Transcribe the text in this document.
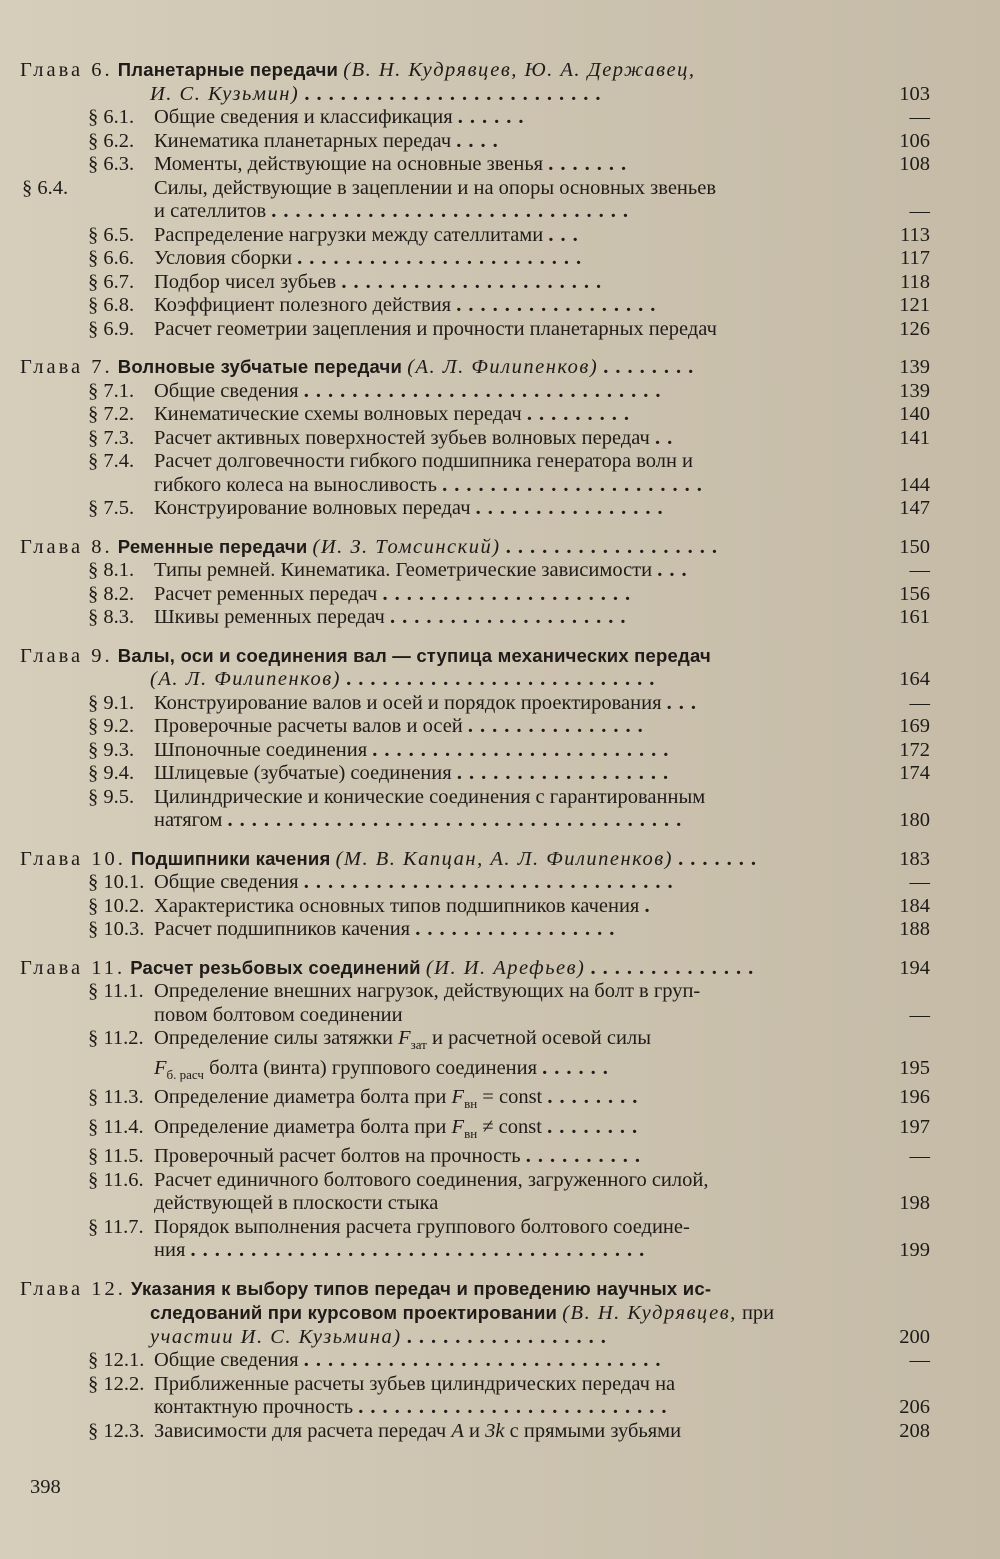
Глава 6. Планетарные передачи (В. Н. Кудрявцев, Ю. А. Державец,
И. С. Кузьмин) .........................	103
§ 6.1. Общие сведения и классификация ......	—
§ 6.2. Кинематика планетарных передач ....	106
§ 6.3. Моменты, действующие на основные звенья .......	108
§ 6.4.	Силы, действующие в зацеплении и на опоры основных звеньев
и сателлитов ..............................	—
§ 6.5. Распределение нагрузки между сателлитами ...	113
§ 6.6. Условия сборки ........................	117
§ 6.7. Подбор чисел зубьев ......................	118
§ 6.8. Коэффициент полезного действия .................	121
§ 6.9. Расчет геометрии зацепления и прочности планетарных передач	126
Глава 7. Волновые зубчатые передачи (А. Л. Филипенков) ........	139
§ 7.1. Общие сведения ..............................	139
§ 7.2. Кинематические схемы волновых передач .........	140
§ 7.3. Расчет активных поверхностей зубьев волновых передач ..	141
§ 7.4. Расчет долговечности гибкого подшипника генератора волн и
гибкого колеса на выносливость ......................	144
§ 7.5. Конструирование волновых передач ................	147
Глава 8. Ременные передачи (И. З. Томсинский) ..................	150
§ 8.1. Типы ремней. Кинематика. Геометрические зависимости ...	—
§ 8.2. Расчет ременных передач .....................	156
§ 8.3. Шкивы ременных передач ....................	161
Глава 9. Валы, оси и соединения вал — ступица механических передач
(А. Л. Филипенков) ..........................	164
§ 9.1. Конструирование валов и осей и порядок проектирования ...	—
§ 9.2. Проверочные расчеты валов и осей ...............	169
§ 9.3. Шпоночные соединения .........................	172
§ 9.4. Шлицевые (зубчатые) соединения ..................	174
§ 9.5. Цилиндрические и конические соединения с гарантированным
натягом ......................................	180
Глава 10. Подшипники качения (М. В. Капцан, А. Л. Филипенков) .......	183
§ 10.1. Общие сведения ...............................	—
§ 10.2. Характеристика основных типов подшипников качения .	184
§ 10.3. Расчет подшипников качения .................	188
Глава 11. Расчет резьбовых соединений (И. И. Арефьев) ..............	194
§ 11.1. Определение внешних нагрузок, действующих на болт в груп-
повом болтовом соединении	—
§ 11.2. Определение силы затяжки $F_{зат}$ и расчетной осевой силы
$F_{б. расч}$ болта (винта) группового соединения ......	195
§ 11.3. Определение диаметра болта при $F_{вн}$ = const ........	196
§ 11.4. Определение диаметра болта при $F_{вн}$ ≠ const ........	197
§ 11.5. Проверочный расчет болтов на прочность ..........	—
§ 11.6. Расчет единичного болтового соединения, загруженного силой,
действующей в плоскости стыка	198
§ 11.7. Порядок выполнения расчета группового болтового соедине-
ния ......................................	199
Глава 12. Указания к выбору типов передач и проведению научных ис-
следований при курсовом проектировании (В. Н. Кудрявцев, при
участии И. С. Кузьмина) .................	200
§ 12.1. Общие сведения ..............................	—
§ 12.2. Приближенные расчеты зубьев цилиндрических передач на
контактную прочность ..........................	206
§ 12.3. Зависимости для расчета передач A и 3k с прямыми зубьями	208
398
